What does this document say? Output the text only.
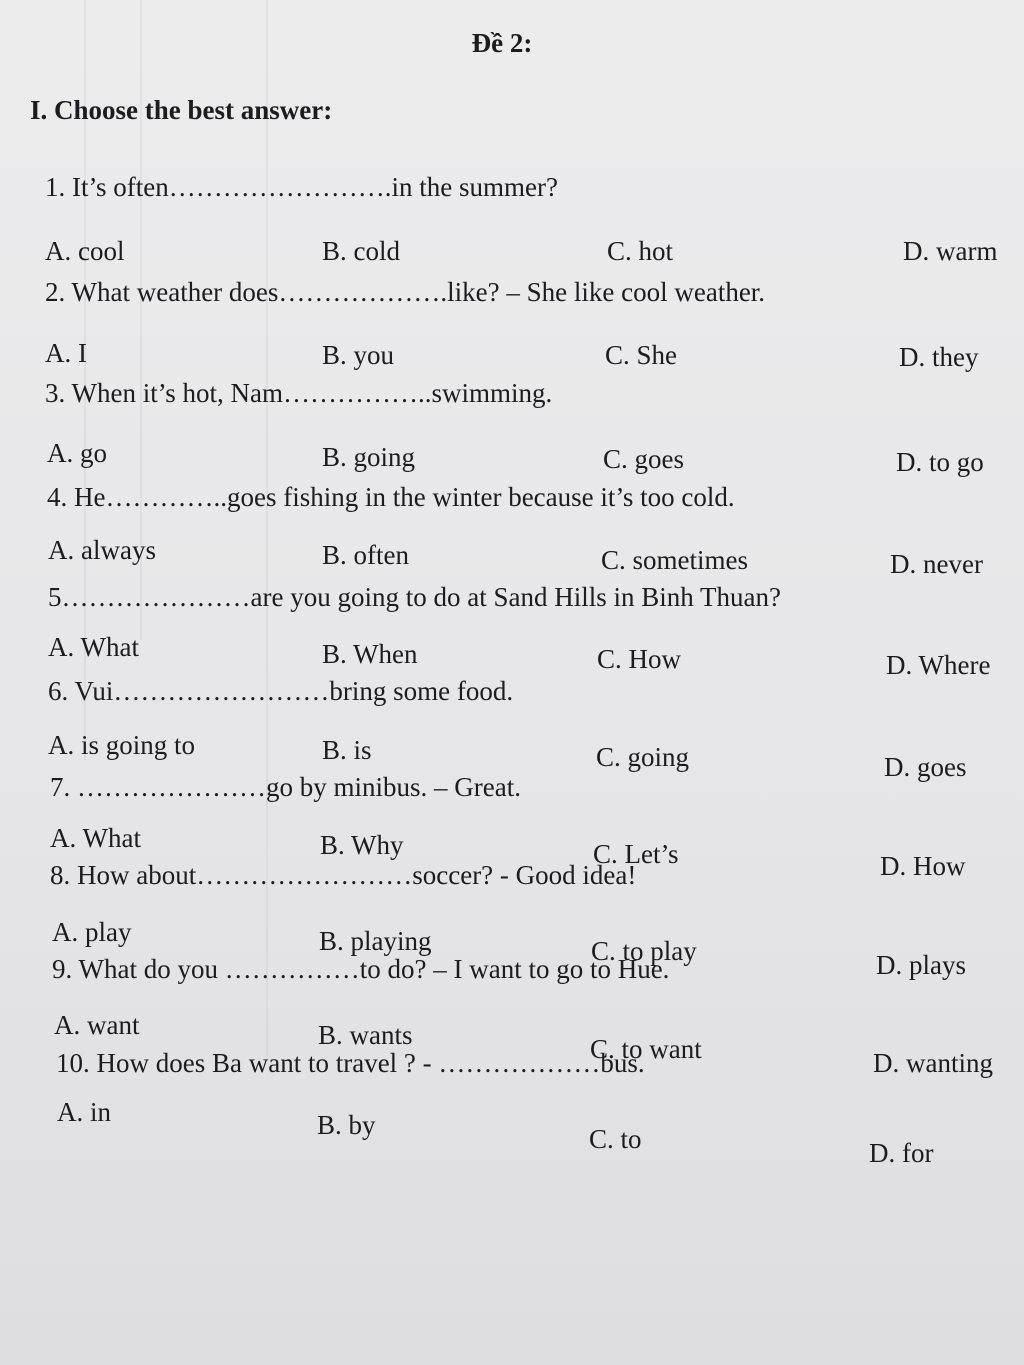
Đề 2:
I. Choose the best answer:
1. It’s often…………………….in the summer?
A. cool	B. cold	C. hot	D. warm
2. What weather does……………….like? – She like cool weather.
A. I	B. you	C. She	D. they
3. When it’s hot, Nam……………..swimming.
A. go	B. going	C. goes	D. to go
4. He…………..goes fishing in the winter because it’s too cold.
A. always	B. often	C. sometimes	D. never
5…………………are you going to do at Sand Hills in Binh Thuan?
A. What	B. When	C. How	D. Where
6. Vui……………………bring some food.
A. is going to	B. is	C. going	D. goes
7. …………………go by minibus. – Great.
A. What	B. Why	C. Let’s	D. How
8. How about……………………soccer? - Good idea!
A. play	B. playing	C. to play	D. plays
9. What do you ……………to do? – I want to go to Hue.
A. want	B. wants	C. to want	D. wanting
10. How does Ba want to travel ? - ………………bus.
A. in	B. by	C. to	D. for
